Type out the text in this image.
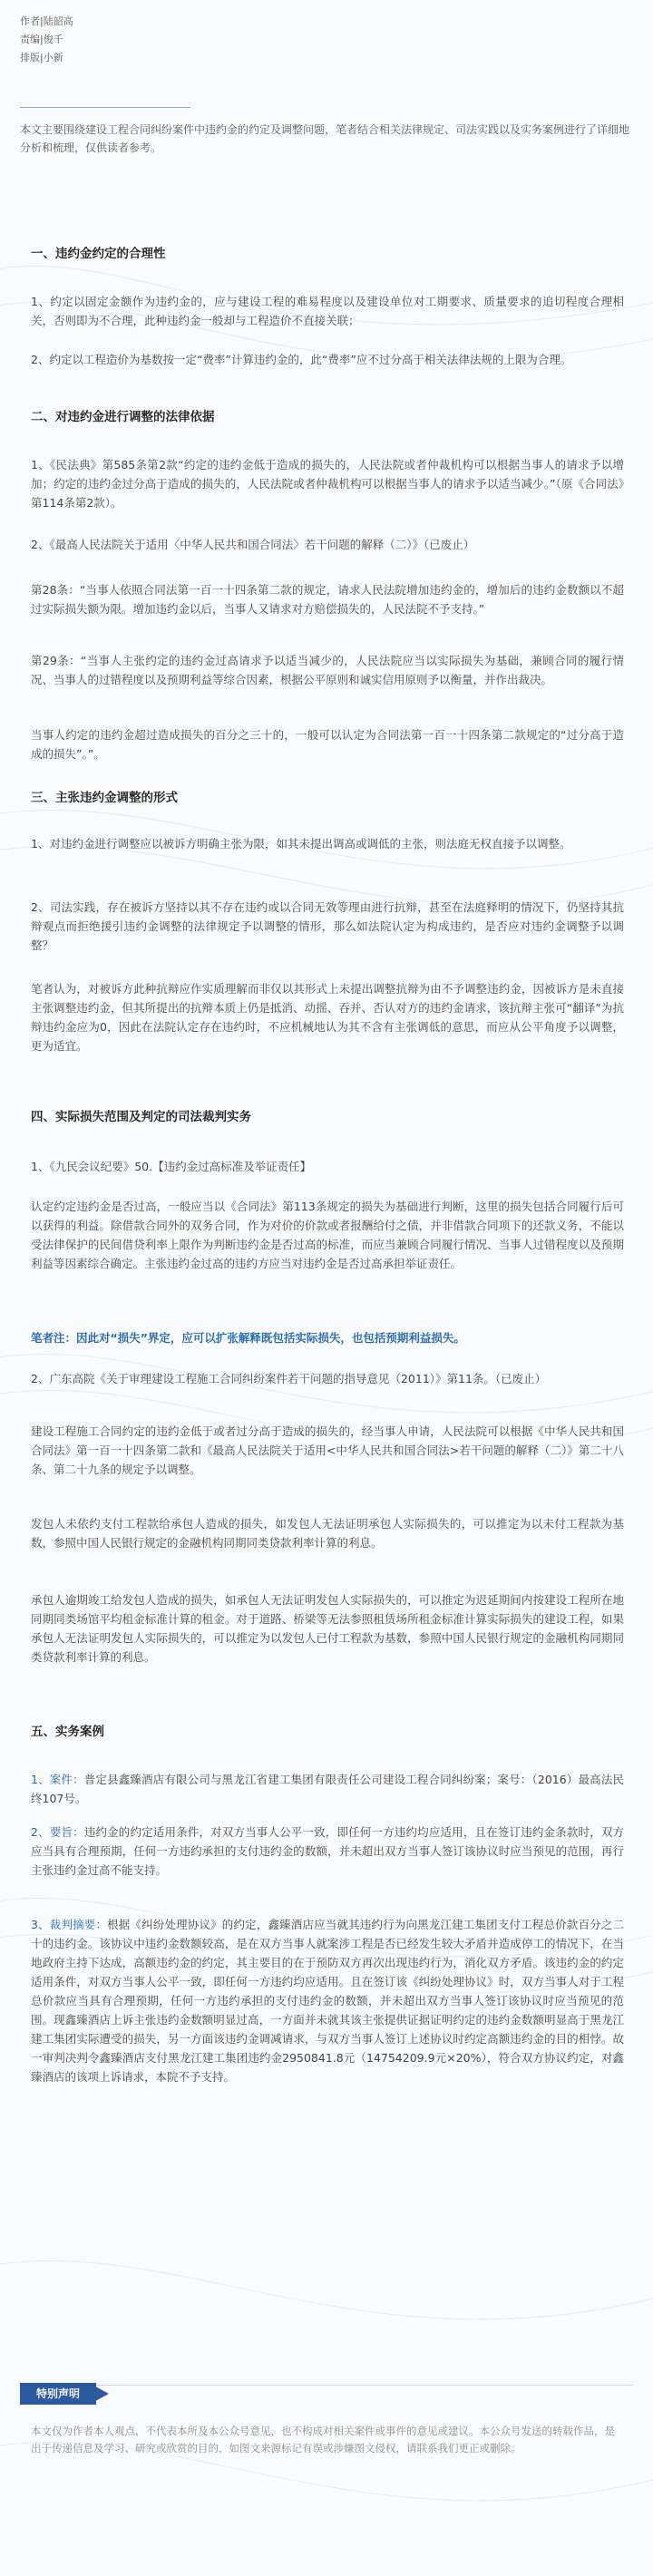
作者|陆韶高
责编|俊千
排版|小新
本文主要围绕建设工程合同纠纷案件中违约金的约定及调整问题，笔者结合相关法律规定、司法实践以及实务案例进行了详细地分析和梳理，仅供读者参考。
一、违约金约定的合理性
1、约定以固定金额作为违约金的，应与建设工程的难易程度以及建设单位对工期要求、质量要求的追切程度合理相关，否则即为不合理，此种违约金一般却与工程造价不直接关联；
2、约定以工程造价为基数按一定“费率”计算违约金的，此“费率”应不过分高于相关法律法规的上限为合理。
二、对违约金进行调整的法律依据
1、《民法典》第585条第2款“约定的违约金低于造成的损失的，人民法院或者仲裁机构可以根据当事人的请求予以增加；约定的违约金过分高于造成的损失的，人民法院或者仲裁机构可以根据当事人的请求予以适当减少。”（原《合同法》第114条第2款）。
2、《最高人民法院关于适用〈中华人民共和国合同法〉若干问题的解释（二）》（已废止）
第28条：“当事人依照合同法第一百一十四条第二款的规定，请求人民法院增加违约金的，增加后的违约金数额以不超过实际损失额为限。增加违约金以后，当事人又请求对方赔偿损失的，人民法院不予支持。”
第29条：“当事人主张约定的违约金过高请求予以适当减少的，人民法院应当以实际损失为基础，兼顾合同的履行情况、当事人的过错程度以及预期利益等综合因素，根据公平原则和诚实信用原则予以衡量，并作出裁决。
当事人约定的违约金超过造成损失的百分之三十的，一般可以认定为合同法第一百一十四条第二款规定的“过分高于造成的损失”。”。
三、主张违约金调整的形式
1、对违约金进行调整应以被诉方明确主张为限，如其未提出调高或调低的主张，则法庭无权直接予以调整。
2、司法实践，存在被诉方坚持以其不存在违约或以合同无效等理由进行抗辩，甚至在法庭释明的情况下，仍坚持其抗辩观点而拒绝援引违约金调整的法律规定予以调整的情形，那么如法院认定为构成违约，是否应对违约金调整予以调整？
笔者认为，对被诉方此种抗辩应作实质理解而非仅以其形式上未提出调整抗辩为由不予调整违约金，因被诉方是未直接主张调整违约金，但其所提出的抗辩本质上仍是抵消、动摇、吞并、否认对方的违约金请求，该抗辩主张可“翻译”为抗辩违约金应为0，因此在法院认定存在违约时，不应机械地认为其不含有主张调低的意思，而应从公平角度予以调整，更为适宜。
四、实际损失范围及判定的司法裁判实务
1、《九民会议纪要》50.【违约金过高标准及举证责任】
认定约定违约金是否过高，一般应当以《合同法》第113条规定的损失为基础进行判断，这里的损失包括合同履行后可以获得的利益。除借款合同外的双务合同，作为对价的价款或者报酬给付之债，并非借款合同项下的还款义务，不能以受法律保护的民间借贷利率上限作为判断违约金是否过高的标准，而应当兼顾合同履行情况、当事人过错程度以及预期利益等因素综合确定。主张违约金过高的违约方应当对违约金是否过高承担举证责任。
笔者注：因此对“损失”界定，应可以扩张解释既包括实际损失，也包括预期利益损失。
2、广东高院《关于审理建设工程施工合同纠纷案件若干问题的指导意见（2011）》第11条。（已废止）
建设工程施工合同约定的违约金低于或者过分高于造成的损失的，经当事人申请，人民法院可以根据《中华人民共和国合同法》第一百一十四条第二款和《最高人民法院关于适用<中华人民共和国合同法>若干问题的解释（二）》第二十八条、第二十九条的规定予以调整。
发包人未依约支付工程款给承包人造成的损失，如发包人无法证明承包人实际损失的，可以推定为以未付工程款为基数，参照中国人民银行规定的金融机构同期同类贷款利率计算的利息。
承包人逾期竣工给发包人造成的损失，如承包人无法证明发包人实际损失的，可以推定为迟延期间内按建设工程所在地同期同类场馆平均租金标准计算的租金。对于道路、桥梁等无法参照租赁场所租金标准计算实际损失的建设工程，如果承包人无法证明发包人实际损失的，可以推定为以发包人已付工程款为基数，参照中国人民银行规定的金融机构同期同类贷款利率计算的利息。
五、实务案例
1、案件：普定县鑫臻酒店有限公司与黑龙江省建工集团有限责任公司建设工程合同纠纷案；案号：（2016）最高法民终107号。
2、要旨：违约金的约定适用条件，对双方当事人公平一致，即任何一方违约均应适用，且在签订违约金条款时，双方应当具有合理预期，任何一方违约承担的支付违约金的数额，并未超出双方当事人签订该协议时应当预见的范围，再行主张违约金过高不能支持。
3、裁判摘要：根据《纠纷处理协议》的约定，鑫臻酒店应当就其违约行为向黑龙江建工集团支付工程总价款百分之二十的违约金。该协议中违约金数额较高，是在双方当事人就案涉工程是否已经发生较大矛盾并造成停工的情况下，在当地政府主持下达成，高额违约金的约定，其主要目的在于预防双方再次出现违约行为，消化双方矛盾。该违约金的约定适用条件，对双方当事人公平一致，即任何一方违约均应适用。且在签订该《纠纷处理协议》时，双方当事人对于工程总价款应当具有合理预期，任何一方违约承担的支付违约金的数额，并未超出双方当事人签订该协议时应当预见的范围。现鑫臻酒店上诉主张违约金数额明显过高，一方面并未就其该主张提供证据证明约定的违约金数额明显高于黑龙江建工集团实际遭受的损失，另一方面该违约金调减请求，与双方当事人签订上述协议时约定高额违约金的目的相悖。故一审判决判令鑫臻酒店支付黑龙江建工集团违约金2950841.8元（14754209.9元×20%），符合双方协议约定，对鑫臻酒店的该项上诉请求，本院不予支持。
特别声明
本文仅为作者本人观点，不代表本所及本公众号意见，也不构成对相关案件或事件的意见或建议。本公众号发送的转载作品，是出于传递信息及学习、研究或欣赏的目的，如图文来源标记有误或涉嫌图文侵权，请联系我们更正或删除。
